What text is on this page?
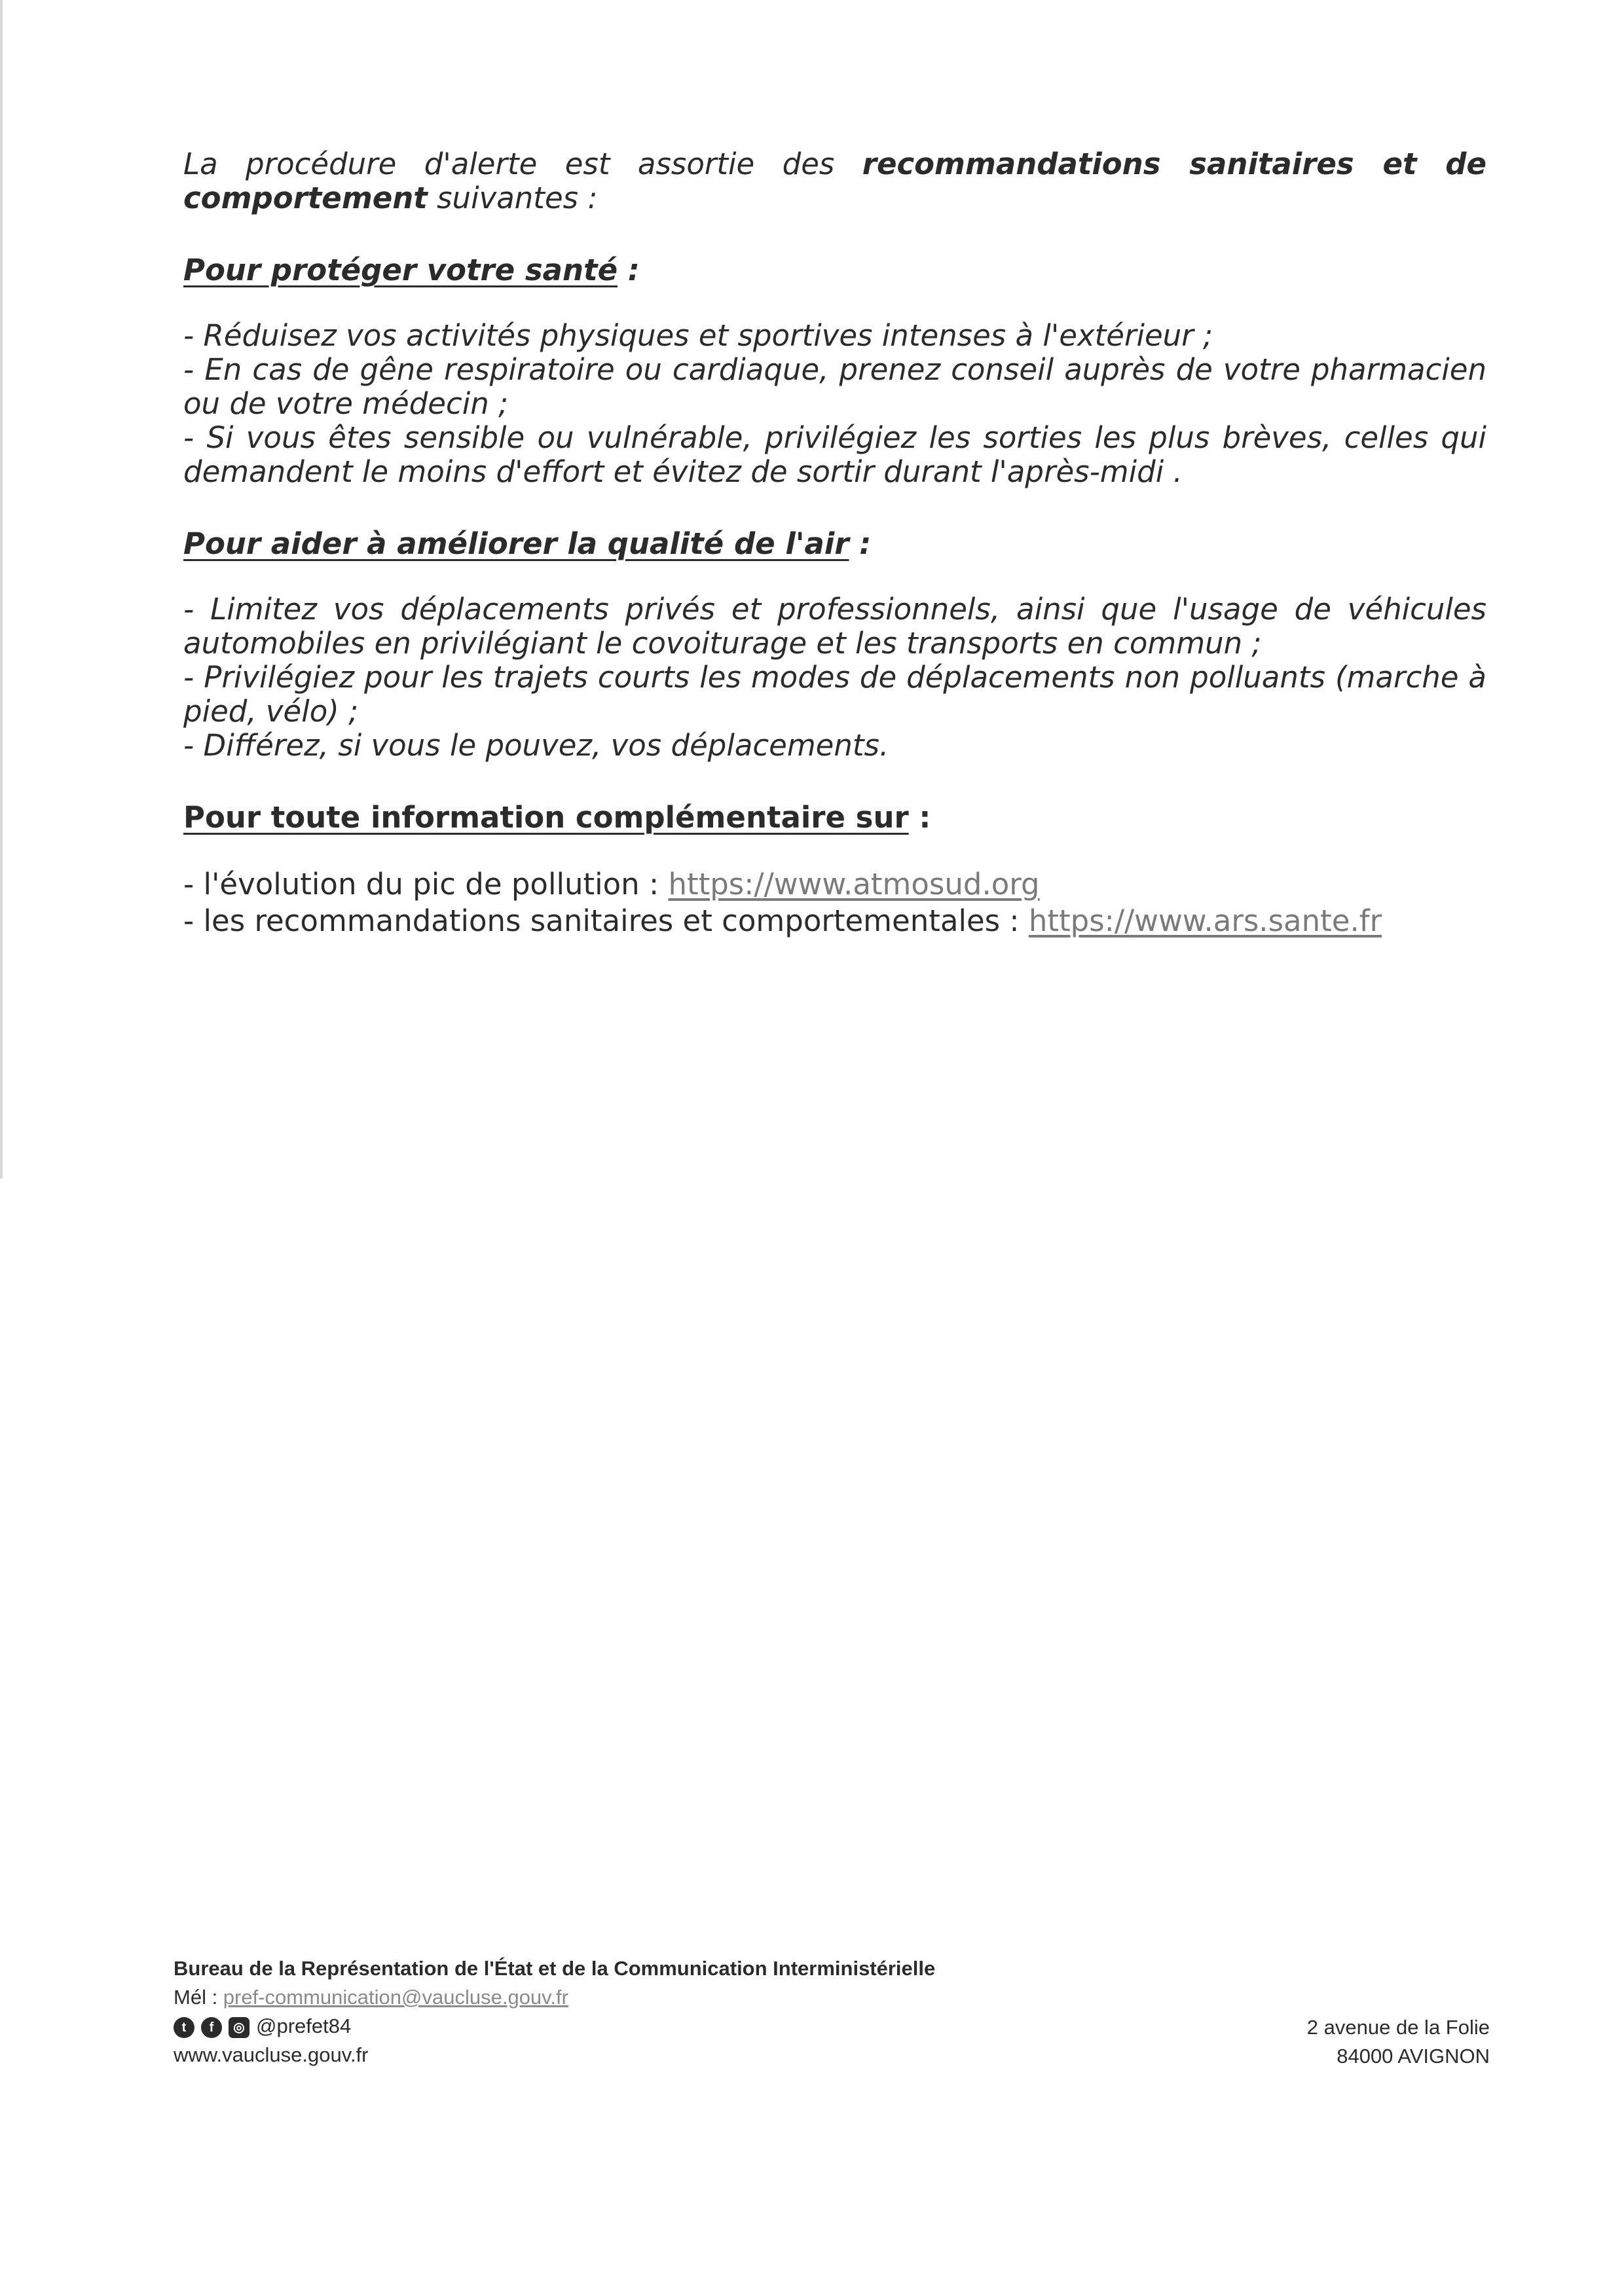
La procédure d'alerte est assortie des recommandations sanitaires et de comportement suivantes :

Pour protéger votre santé :

- Réduisez vos activités physiques et sportives intenses à l'extérieur ;
- En cas de gêne respiratoire ou cardiaque, prenez conseil auprès de votre pharmacien ou de votre médecin ;
- Si vous êtes sensible ou vulnérable, privilégiez les sorties les plus brèves, celles qui demandent le moins d'effort et évitez de sortir durant l'après-midi .

Pour aider à améliorer la qualité de l'air :

- Limitez vos déplacements privés et professionnels, ainsi que l'usage de véhicules automobiles en privilégiant le covoiturage et les transports en commun ;
- Privilégiez pour les trajets courts les modes de déplacements non polluants (marche à pied, vélo) ;
- Différez, si vous le pouvez, vos déplacements.

Pour toute information complémentaire sur :

- l'évolution du pic de pollution : https://www.atmosud.org
- les recommandations sanitaires et comportementales : https://www.ars.sante.fr
Bureau de la Représentation de l'État et de la Communication Interministérielle
Mél : pref-communication@vaucluse.gouv.fr
t	f	◎ @prefet84
www.vaucluse.gouv.fr
2 avenue de la Folie
84000 AVIGNON
